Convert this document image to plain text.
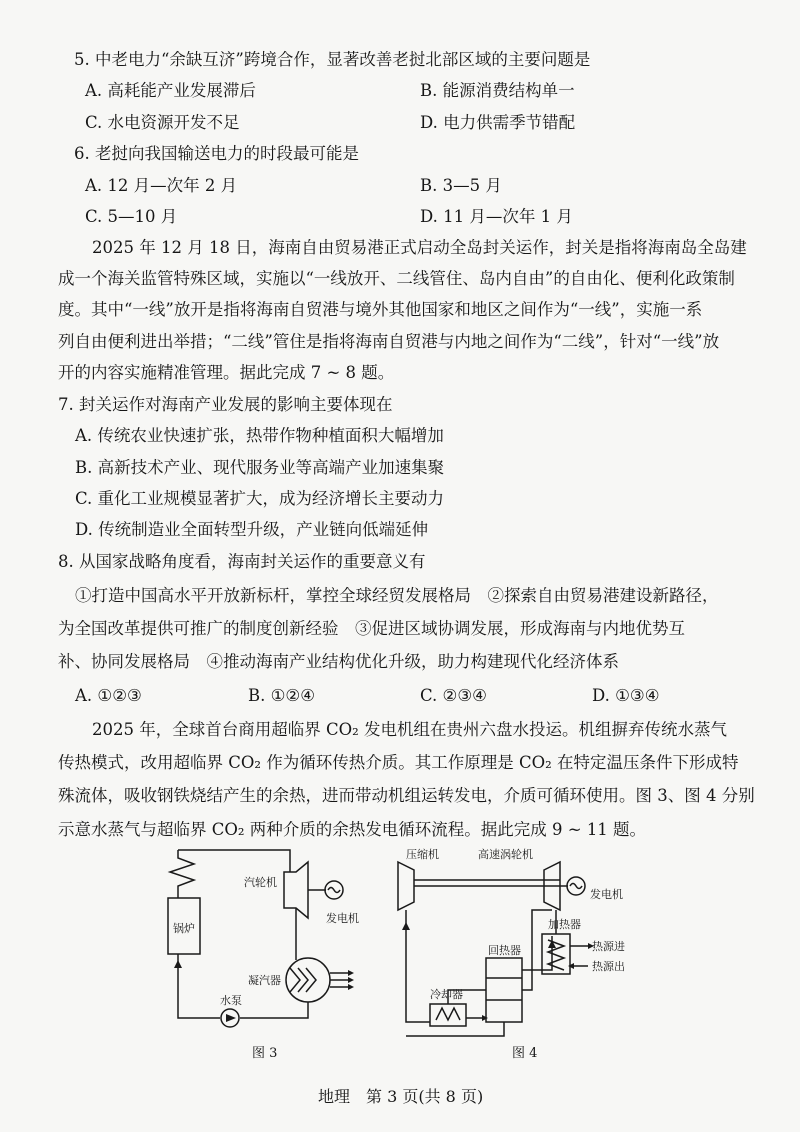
5. 中老电力“余缺互济”跨境合作，显著改善老挝北部区域的主要问题是
A. 高耗能产业发展滞后	B. 能源消费结构单一
C. 水电资源开发不足	D. 电力供需季节错配
6. 老挝向我国输送电力的时段最可能是
A. 12 月—次年 2 月	B. 3—5 月
C. 5—10 月	D. 11 月—次年 1 月
2025 年 12 月 18 日，海南自由贸易港正式启动全岛封关运作，封关是指将海南岛全岛建
成一个海关监管特殊区域，实施以“一线放开、二线管住、岛内自由”的自由化、便利化政策制
度。其中“一线”放开是指将海南自贸港与境外其他国家和地区之间作为“一线”，实施一系
列自由便利进出举措；“二线”管住是指将海南自贸港与内地之间作为“二线”，针对“一线”放
开的内容实施精准管理。据此完成 7 ~ 8 题。
7. 封关运作对海南产业发展的影响主要体现在
A. 传统农业快速扩张，热带作物种植面积大幅增加
B. 高新技术产业、现代服务业等高端产业加速集聚
C. 重化工业规模显著扩大，成为经济增长主要动力
D. 传统制造业全面转型升级，产业链向低端延伸
8. 从国家战略角度看，海南封关运作的重要意义有
①打造中国高水平开放新标杆，掌控全球经贸发展格局　②探索自由贸易港建设新路径，
为全国改革提供可推广的制度创新经验　③促进区域协调发展，形成海南与内地优势互
补、协同发展格局　④推动海南产业结构优化升级，助力构建现代化经济体系
A. ①②③	B. ①②④	C. ②③④	D. ①③④
2025 年，全球首台商用超临界 CO₂ 发电机组在贵州六盘水投运。机组摒弃传统水蒸气
传热模式，改用超临界 CO₂ 作为循环传热介质。其工作原理是 CO₂ 在特定温压条件下形成特
殊流体，吸收钢铁烧结产生的余热，进而带动机组运转发电，介质可循环使用。图 3、图 4 分别
示意水蒸气与超临界 CO₂ 两种介质的余热发电循环流程。据此完成 9 ~ 11 题。
锅炉
汽轮机
发电机
凝汽器
水泵
图 3
压缩机	高速涡轮机
发电机
加热器
热源进
热源出
回热器
冷却器
图 4
地理　第 3 页(共 8 页)
